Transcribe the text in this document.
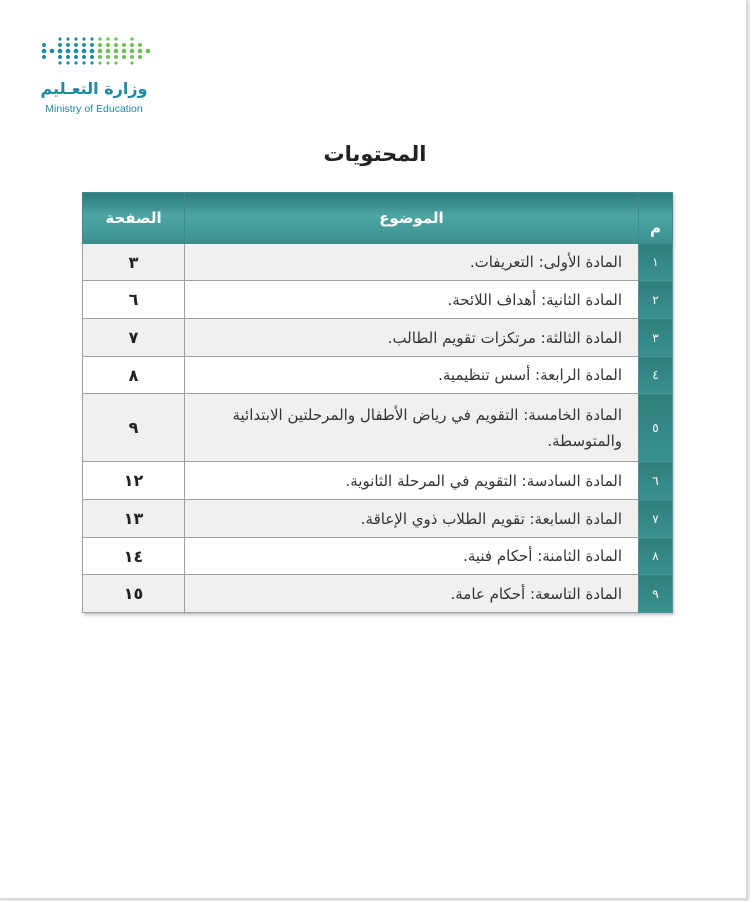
وزارة التعـليم
Ministry of Education
المحتويات
م	الموضوع	الصفحة
١	المادة الأولى: التعريفات.	٣
٢	المادة الثانية: أهداف اللائحة.	٦
٣	المادة الثالثة: مرتكزات تقويم الطالب.	٧
٤	المادة الرابعة: أسس تنظيمية.	٨
٥	المادة الخامسة: التقويم في رياض الأطفال والمرحلتين الابتدائية والمتوسطة.	٩
٦	المادة السادسة: التقويم في المرحلة الثانوية.	١٢
٧	المادة السابعة: تقويم الطلاب ذوي الإعاقة.	١٣
٨	المادة الثامنة: أحكام فنية.	١٤
٩	المادة التاسعة: أحكام عامة.	١٥
